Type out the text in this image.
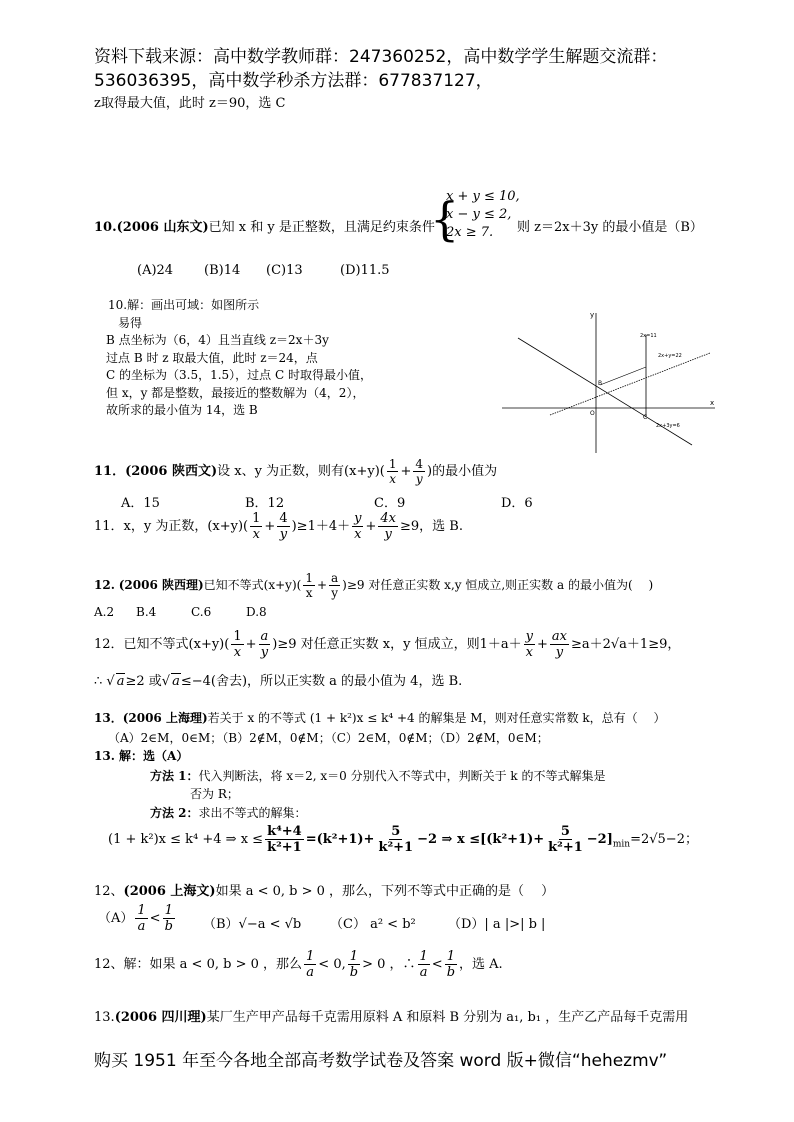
资料下载来源：高中数学教师群：247360252，高中数学学生解题交流群：
536036395，高中数学秒杀方法群：677837127，
z取得最大值，此时 z＝90，选 C
10.(2006 山东文)已知 x 和 y 是正整数，且满足约束条件
{
x + y ≤ 10,
x − y ≤ 2,
2x ≥ 7.	则 z＝2x＋3y 的最小值是（B）
(A)24 (B)14 (C)13	(D)11.5
10.解：画出可域：如图所示
易得
B 点坐标为（6，4）且当直线 z＝2x＋3y
过点 B 时 z 取最大值，此时 z＝24，点
C 的坐标为（3.5，1.5），过点 C 时取得最小值，
但 x，y 都是整数，最接近的整数解为（4，2），
故所求的最小值为 14，选 B
y
x
O
B
C
2x=11
2x+y=22
2x+3y=6
11．(2006 陕西文)设 x、y 为正数，则有$(x+y)( \frac{1}{x} + \frac{4}{y}$ )的最小值为
A．15	B．12	C．9	D．6
11．x，y 为正数，$(x+y)( \frac{1}{x} + \frac{4}{y} )\ge 1+4+ \frac{y}{x} + \frac{4x}{y} \ge 9$，选 B.
12. (2006 陕西理)已知不等式$(x+y)( \frac{1}{x} + \frac{a}{y} )\ge 9$ 对任意正实数 x,y 恒成立,则正实数 a 的最小值为(　 )
A.2 B.4	C.6	D.8
12．已知不等式$(x+y)( \frac{1}{x} + \frac{a}{y} )\ge 9$ 对任意正实数 x，y 恒成立，则$1+a+ \frac{y}{x} + \frac{ax}{y} \ge a+2√a+1\ge 9$，
∴ √ a≥2 或√ a≤−4(舍去)，所以正实数 a 的最小值为 4，选 B.
13．(2006 上海理)若关于 x 的不等式 (1 + k²)x ≤ k⁴ +4 的解集是 M，则对任意实常数 k，总有（　 ）
（A）2∈M，0∈M；（B）2∉M，0∉M；（C）2∈M，0∉M；（D）2∉M，0∈M；
13. 解：选（A）
方法 1：代入判断法，将 x＝2, x＝0 分别代入不等式中，判断关于 k 的不等式解集是
否为 R；
方法 2：求出不等式的解集：
(1 + k²)x ≤ k⁴ +4 ⇒ $x \le \frac{\text{k⁴+4}}{\text{k²+1}} =(k^2+1)+ \frac{5}{\text{k²+1}} -2$ ⇒ $x \le[(k^2+1)+ \frac{5}{\text{k²+1}} -2]_{min}=2√5-2$；
12、(2006 上海文)如果 a < 0, b > 0 ，那么，下列不等式中正确的是（　 ）
$(A) \frac{1}{a} < \frac{1}{b} (B)√-a < √b$ （C） a² < b² （D）| a |>| b |
12、解：如果 a < 0, b > 0 ，那么 $\frac{1}{a} < 0$, $\frac{1}{b} > 0$ ，∴ $\frac{1}{a} < \frac{1}{b}$ ，选 A.
13.(2006 四川理)某厂生产甲产品每千克需用原料 A 和原料 B 分别为 a₁, b₁ ，生产乙产品每千克需用
购买 1951 年至今各地全部高考数学试卷及答案 word 版+微信“hehezmv”
